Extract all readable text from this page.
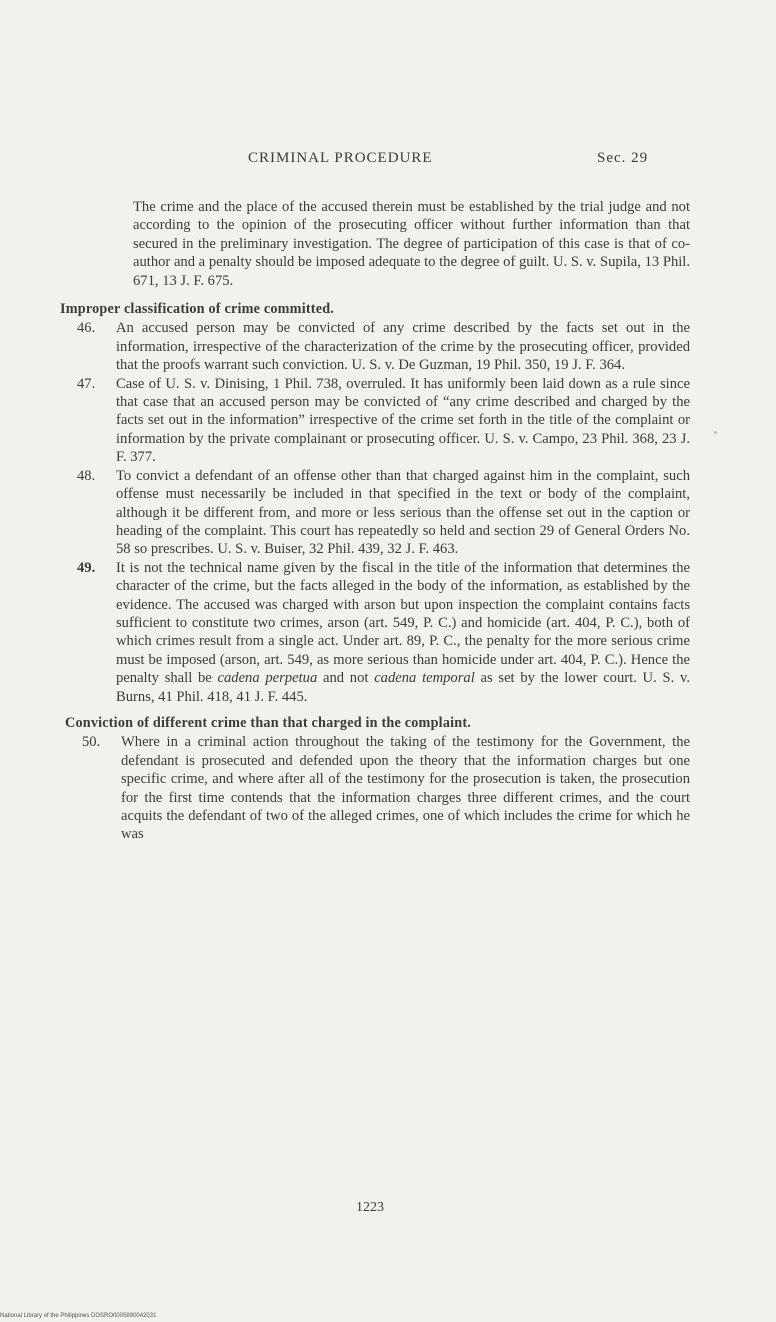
CRIMINAL PROCEDURE	Sec. 29

The crime and the place of the accused therein must be established by the trial judge and not according to the opinion of the prosecuting officer without further information than that secured in the preliminary investigation. The degree of participation of this case is that of co-author and a penalty should be imposed adequate to the degree of guilt. U. S. v. Supila, 13 Phil. 671, 13 J. F. 675.

Improper classification of crime committed.
46.	An accused person may be convicted of any crime described by the facts set out in the information, irrespective of the characterization of the crime by the prosecuting officer, provided that the proofs warrant such conviction. U. S. v. De Guzman, 19 Phil. 350, 19 J. F. 364.
47.	Case of U. S. v. Dinising, 1 Phil. 738, overruled. It has uniformly been laid down as a rule since that case that an accused person may be convicted of “any crime described and charged by the facts set out in the information” irrespective of the crime set forth in the title of the complaint or information by the private complainant or prosecuting officer. U. S. v. Campo, 23 Phil. 368, 23 J. F. 377.
48.	To convict a defendant of an offense other than that charged against him in the complaint, such offense must necessarily be included in that specified in the text or body of the complaint, although it be different from, and more or less serious than the offense set out in the caption or heading of the complaint. This court has repeatedly so held and section 29 of General Orders No. 58 so prescribes. U. S. v. Buiser, 32 Phil. 439, 32 J. F. 463.
49.	It is not the technical name given by the fiscal in the title of the information that determines the character of the crime, but the facts alleged in the body of the information, as established by the evidence. The accused was charged with arson but upon inspection the complaint contains facts sufficient to constitute two crimes, arson (art. 549, P. C.) and homicide (art. 404, P. C.), both of which crimes result from a single act. Under art. 89, P. C., the penalty for the more serious crime must be imposed (arson, art. 549, as more serious than homicide under art. 404, P. C.). Hence the penalty shall be cadena perpetua and not cadena temporal as set by the lower court. U. S. v. Burns, 41 Phil. 418, 41 J. F. 445.
Conviction of different crime than that charged in the complaint.
50.	Where in a criminal action throughout the taking of the testimony for the Government, the defendant is prosecuted and defended upon the theory that the information charges but one specific crime, and where after all of the testimony for the prosecution is taken, the prosecution for the first time contends that the information charges three different crimes, and the court acquits the defendant of two of the alleged crimes, one of which includes the crime for which he was
1223
National Library of the Philippines DOSRO0005890042031
